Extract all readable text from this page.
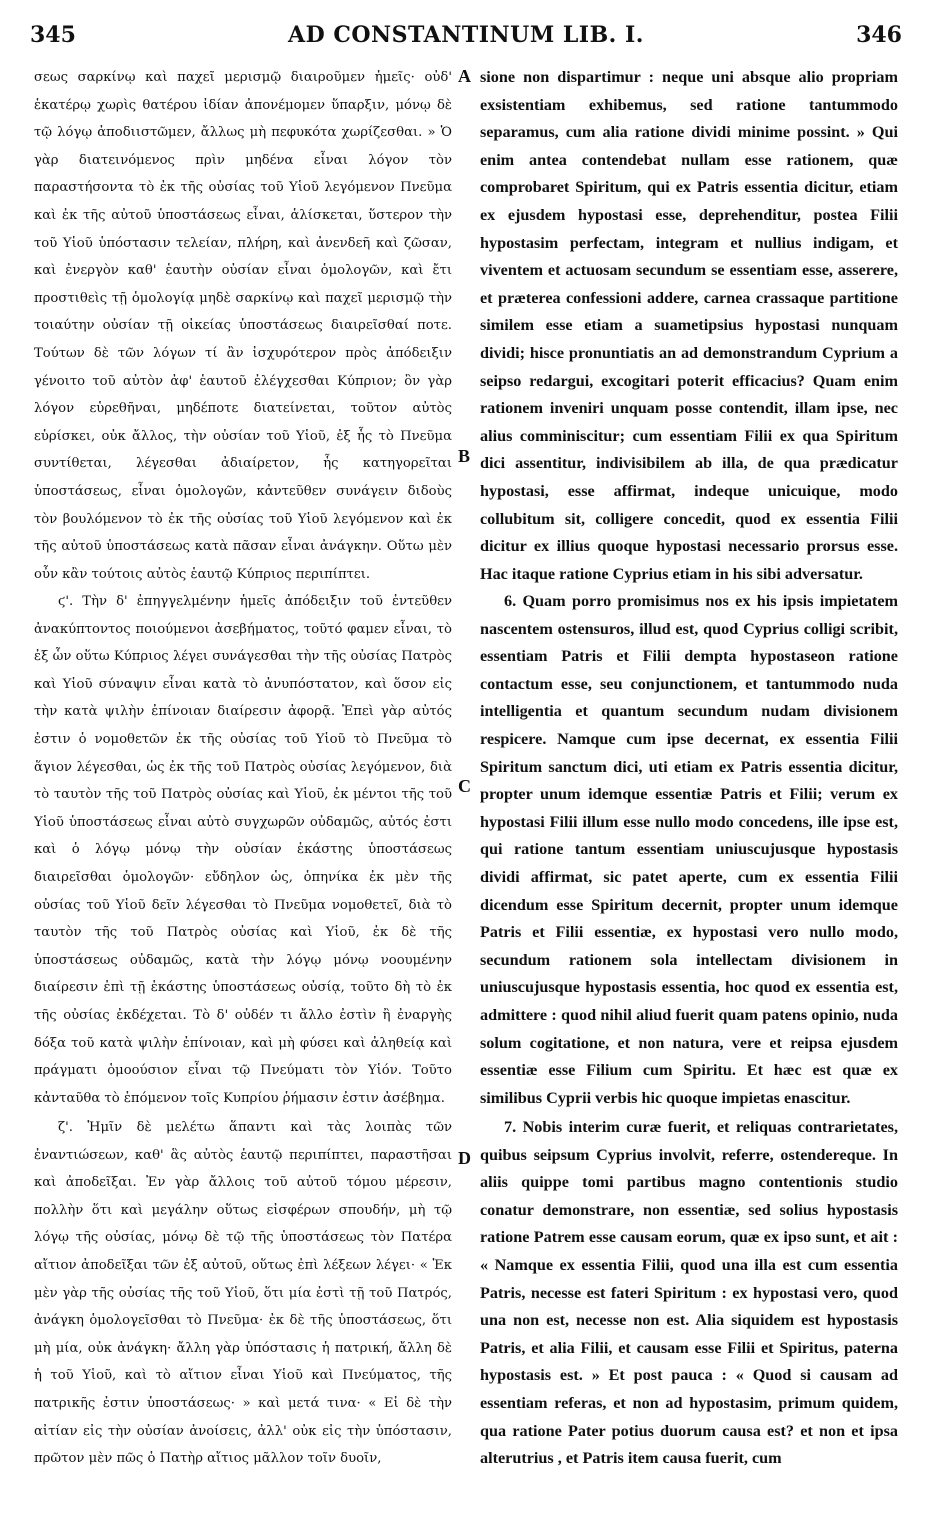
345	AD CONSTANTINUM LIB. I.	346
A
B
C
D

σεως σαρκίνῳ καὶ παχεῖ μερισμῷ διαιροῦμεν ἡμεῖς· οὐδ' ἑκατέρῳ χωρὶς θατέρου ἰδίαν ἀπονέμομεν ὕπαρξιν, μόνῳ δὲ τῷ λόγῳ ἀποδιιστῶμεν, ἄλλως μὴ πεφυκότα χωρίζεσθαι. » Ὁ γὰρ διατεινόμενος πρὶν μηδένα εἶναι λόγον τὸν παραστήσοντα τὸ ἐκ τῆς οὐσίας τοῦ Υἱοῦ λεγόμενον Πνεῦμα καὶ ἐκ τῆς αὐτοῦ ὑποστάσεως εἶναι, ἁλίσκεται, ὕστερον τὴν τοῦ Υἱοῦ ὑπόστασιν τελείαν, πλήρη, καὶ ἀνενδεῆ καὶ ζῶσαν, καὶ ἐνεργὸν καθ' ἑαυτὴν οὐσίαν εἶναι ὁμολογῶν, καὶ ἔτι προστιθεὶς τῇ ὁμολογίᾳ μηδὲ σαρκίνῳ καὶ παχεῖ μερισμῷ τὴν τοιαύτην οὐσίαν τῇ οἰκείας ὑποστάσεως διαιρεῖσθαί ποτε. Τούτων δὲ τῶν λόγων τί ἂν ἰσχυρότερον πρὸς ἀπόδειξιν γένοιτο τοῦ αὐτὸν ἀφ' ἑαυτοῦ ἐλέγχεσθαι Κύπριον; ὃν γὰρ λόγον εὑρεθῆναι, μηδέποτε διατείνεται, τοῦτον αὐτὸς εὑρίσκει, οὐκ ἄλλος, τὴν οὐσίαν τοῦ Υἱοῦ, ἐξ ἧς τὸ Πνεῦμα συντίθεται, λέγεσθαι ἀδιαίρετον, ἧς κατηγορεῖται ὑποστάσεως, εἶναι ὁμολογῶν, κἀντεῦθεν συνάγειν διδοὺς τὸν βουλόμενον τὸ ἐκ τῆς οὐσίας τοῦ Υἱοῦ λεγόμενον καὶ ἐκ τῆς αὐτοῦ ὑποστάσεως κατὰ πᾶσαν εἶναι ἀνάγκην. Οὕτω μὲν οὖν κἂν τούτοις αὐτὸς ἑαυτῷ Κύπριος περιπίπτει.

ϛ'. Τὴν δ' ἐπηγγελμένην ἡμεῖς ἀπόδειξιν τοῦ ἐντεῦθεν ἀνακύπτοντος ποιούμενοι ἀσεβήματος, τοῦτό φαμεν εἶναι, τὸ ἐξ ὧν οὕτω Κύπριος λέγει συνάγεσθαι τὴν τῆς οὐσίας Πατρὸς καὶ Υἱοῦ σύναψιν εἶναι κατὰ τὸ ἀνυπόστατον, καὶ ὅσον εἰς τὴν κατὰ ψιλὴν ἐπίνοιαν διαίρεσιν ἀφορᾷ. Ἐπεὶ γὰρ αὐτός ἐστιν ὁ νομοθετῶν ἐκ τῆς οὐσίας τοῦ Υἱοῦ τὸ Πνεῦμα τὸ ἅγιον λέγεσθαι, ὡς ἐκ τῆς τοῦ Πατρὸς οὐσίας λεγόμενον, διὰ τὸ ταυτὸν τῆς τοῦ Πατρὸς οὐσίας καὶ Υἱοῦ, ἐκ μέντοι τῆς τοῦ Υἱοῦ ὑποστάσεως εἶναι αὐτὸ συγχωρῶν οὐδαμῶς, αὐτός ἐστι καὶ ὁ λόγῳ μόνῳ τὴν οὐσίαν ἑκάστης ὑποστάσεως διαιρεῖσθαι ὁμολογῶν· εὔδηλον ὡς, ὁπηνίκα ἐκ μὲν τῆς οὐσίας τοῦ Υἱοῦ δεῖν λέγεσθαι τὸ Πνεῦμα νομοθετεῖ, διὰ τὸ ταυτὸν τῆς τοῦ Πατρὸς οὐσίας καὶ Υἱοῦ, ἐκ δὲ τῆς ὑποστάσεως οὐδαμῶς, κατὰ τὴν λόγῳ μόνῳ νοουμένην διαίρεσιν ἐπὶ τῇ ἑκάστης ὑποστάσεως οὐσίᾳ, τοῦτο δὴ τὸ ἐκ τῆς οὐσίας ἐκδέχεται. Τὸ δ' οὐδέν τι ἄλλο ἐστὶν ἢ ἐναργὴς δόξα τοῦ κατὰ ψιλὴν ἐπίνοιαν, καὶ μὴ φύσει καὶ ἀληθείᾳ καὶ πράγματι ὁμοούσιον εἶναι τῷ Πνεύματι τὸν Υἱόν. Τοῦτο κἀνταῦθα τὸ ἑπόμενον τοῖς Κυπρίου ῥήμασιν ἐστιν ἀσέβημα.

ζ'. Ἡμῖν δὲ μελέτω ἅπαντι καὶ τὰς λοιπὰς τῶν ἐναντιώσεων, καθ' ἃς αὐτὸς ἑαυτῷ περιπίπτει, παραστῆσαι καὶ ἀποδεῖξαι. Ἐν γὰρ ἄλλοις τοῦ αὐτοῦ τόμου μέρεσιν, πολλὴν ὅτι καὶ μεγάλην οὕτως εἰσφέρων σπουδήν, μὴ τῷ λόγῳ τῆς οὐσίας, μόνῳ δὲ τῷ τῆς ὑποστάσεως τὸν Πατέρα αἴτιον ἀποδεῖξαι τῶν ἐξ αὐτοῦ, οὕτως ἐπὶ λέξεων λέγει· « Ἐκ μὲν γὰρ τῆς οὐσίας τῆς τοῦ Υἱοῦ, ὅτι μία ἐστὶ τῇ τοῦ Πατρός, ἀνάγκη ὁμολογεῖσθαι τὸ Πνεῦμα· ἐκ δὲ τῆς ὑποστάσεως, ὅτι μὴ μία, οὐκ ἀνάγκη· ἄλλη γὰρ ὑπόστασις ἡ πατρική, ἄλλη δὲ ἡ τοῦ Υἱοῦ, καὶ τὸ αἴτιον εἶναι Υἱοῦ καὶ Πνεύματος, τῆς πατρικῆς ἐστιν ὑποστάσεως· » καὶ μετά τινα· « Εἰ δὲ τὴν αἰτίαν εἰς τὴν οὐσίαν ἀνοίσεις, ἀλλ' οὐκ εἰς τὴν ὑπόστασιν, πρῶτον μὲν πῶς ὁ Πατὴρ αἴτιος μᾶλλον τοῖν δυοῖν,

sione non dispartimur : neque uni absque alio propriam exsistentiam exhibemus, sed ratione tantummodo separamus, cum alia ratione dividi minime possint. » Qui enim antea contendebat nullam esse rationem, quæ comprobaret Spiritum, qui ex Patris essentia dicitur, etiam ex ejusdem hypostasi esse, deprehenditur, postea Filii hypostasim perfectam, integram et nullius indigam, et viventem et actuosam secundum se essentiam esse, asserere, et præterea confessioni addere, carnea crassaque partitione similem esse etiam a suametipsius hypostasi nunquam dividi; hisce pronuntiatis an ad demonstrandum Cyprium a seipso redargui, excogitari poterit efficacius? Quam enim rationem inveniri unquam posse contendit, illam ipse, nec alius comminiscitur; cum essentiam Filii ex qua Spiritum dici assentitur, indivisibilem ab illa, de qua prædicatur hypostasi, esse affirmat, indeque unicuique, modo collubitum sit, colligere concedit, quod ex essentia Filii dicitur ex illius quoque hypostasi necessario prorsus esse. Hac itaque ratione Cyprius etiam in his sibi adversatur.

6. Quam porro promisimus nos ex his ipsis impietatem nascentem ostensuros, illud est, quod Cyprius colligi scribit, essentiam Patris et Filii dempta hypostaseon ratione contactum esse, seu conjunctionem, et tantummodo nuda intelligentia et quantum secundum nudam divisionem respicere. Namque cum ipse decernat, ex essentia Filii Spiritum sanctum dici, uti etiam ex Patris essentia dicitur, propter unum idemque essentiæ Patris et Filii; verum ex hypostasi Filii illum esse nullo modo concedens, ille ipse est, qui ratione tantum essentiam uniuscujusque hypostasis dividi affirmat, sic patet aperte, cum ex essentia Filii dicendum esse Spiritum decernit, propter unum idemque Patris et Filii essentiæ, ex hypostasi vero nullo modo, secundum rationem sola intellectam divisionem in uniuscujusque hypostasis essentia, hoc quod ex essentia est, admittere : quod nihil aliud fuerit quam patens opinio, nuda solum cogitatione, et non natura, vere et reipsa ejusdem essentiæ esse Filium cum Spiritu. Et hæc est quæ ex similibus Cyprii verbis hic quoque impietas enascitur.

7. Nobis interim curæ fuerit, et reliquas contrarietates, quibus seipsum Cyprius involvit, referre, ostendereque. In aliis quippe tomi partibus magno contentionis studio conatur demonstrare, non essentiæ, sed solius hypostasis ratione Patrem esse causam eorum, quæ ex ipso sunt, et ait : « Namque ex essentia Filii, quod una illa est cum essentia Patris, necesse est fateri Spiritum : ex hypostasi vero, quod una non est, necesse non est. Alia siquidem est hypostasis Patris, et alia Filii, et causam esse Filii et Spiritus, paterna hypostasis est. » Et post pauca : « Quod si causam ad essentiam referas, et non ad hypostasim, primum quidem, qua ratione Pater potius duorum causa est? et non et ipsa alterutrius , et Patris item causa fuerit, cum
